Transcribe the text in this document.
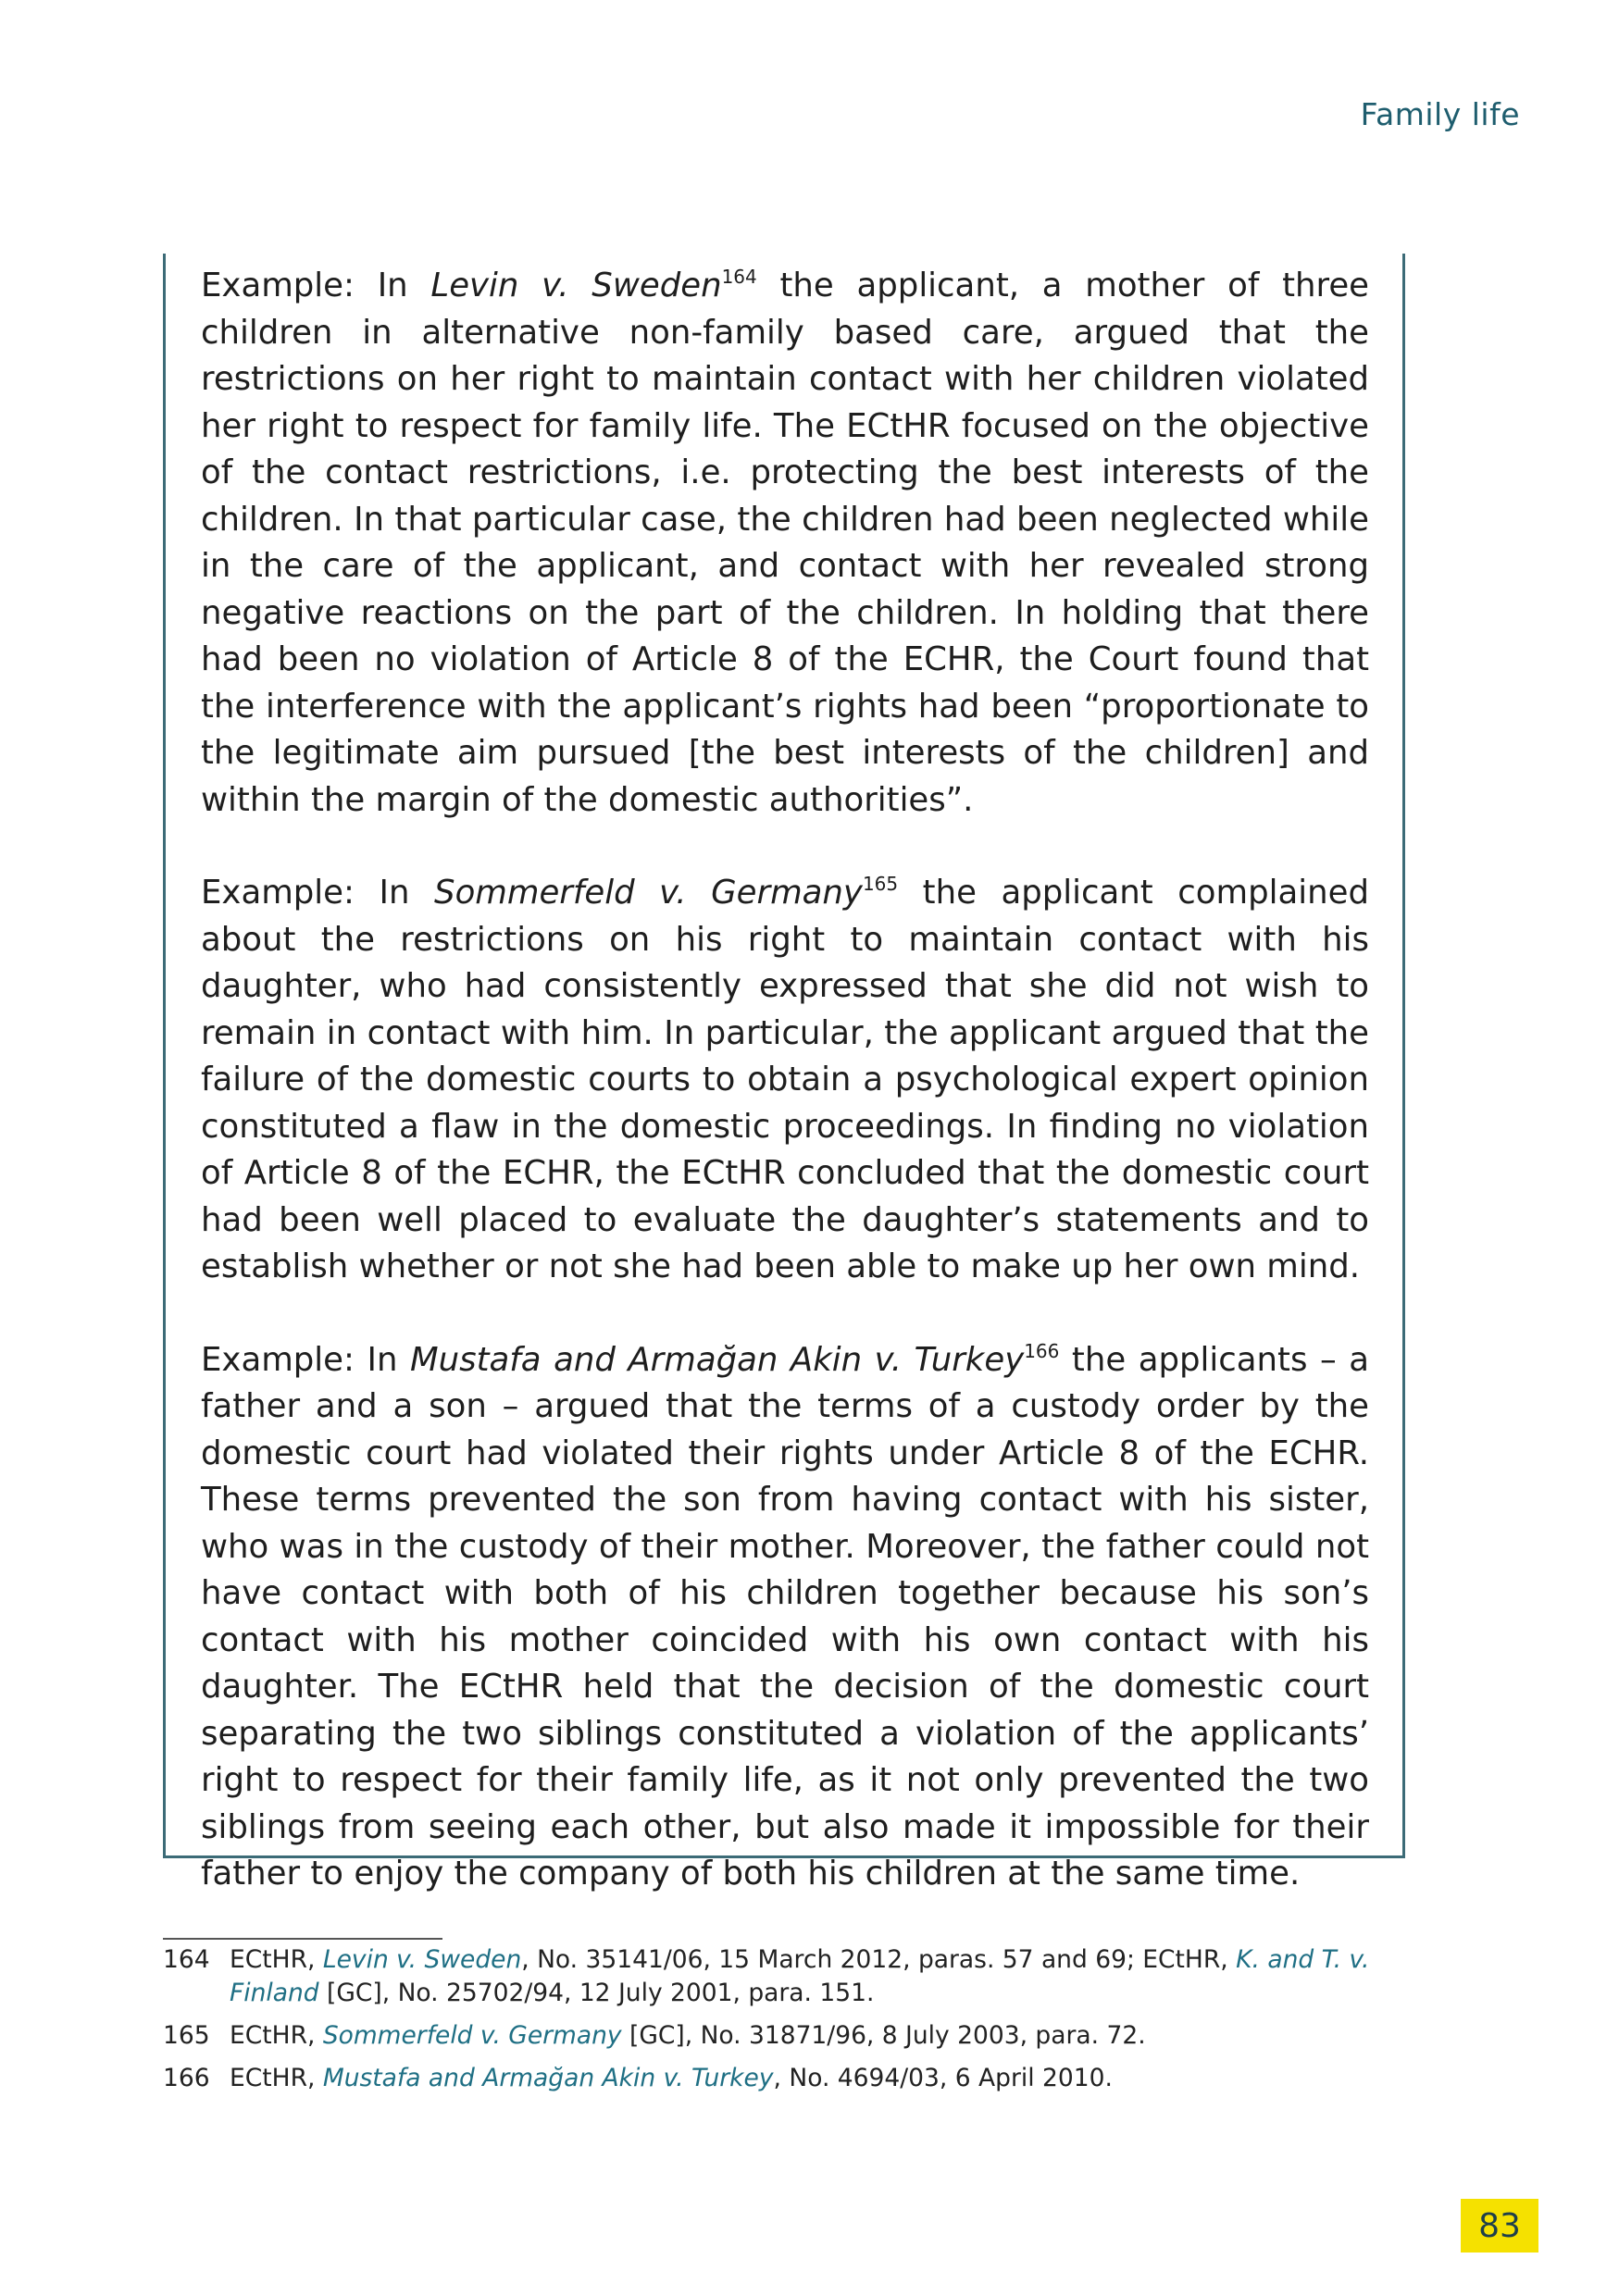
Family life

Example: In Levin v. Sweden$^{164}$ the applicant, a mother of three children in alternative non-family based care, argued that the restrictions on her right to maintain contact with her children violated her right to respect for family life. The ECtHR focused on the objective of the contact restrictions, i.e. protecting the best interests of the children. In that particular case, the children had been neglected while in the care of the applicant, and contact with her revealed strong negative reactions on the part of the children. In holding that there had been no violation of Article 8 of the ECHR, the Court found that the interference with the applicant’s rights had been “proportionate to the legitimate aim pursued [the best interests of the children] and within the margin of the domestic authorities”.

Example: In Sommerfeld v. Germany$^{165}$ the applicant complained about the restrictions on his right to maintain contact with his daughter, who had consistently expressed that she did not wish to remain in contact with him. In particular, the applicant argued that the failure of the domestic courts to obtain a psychological expert opinion constituted a flaw in the domestic proceedings. In finding no violation of Article 8 of the ECHR, the ECtHR concluded that the domestic court had been well placed to evaluate the daughter’s statements and to establish whether or not she had been able to make up her own mind.

Example: In Mustafa and Armağan Akin v. Turkey$^{166}$ the applicants – a father and a son – argued that the terms of a custody order by the domestic court had violated their rights under Article 8 of the ECHR. These terms prevented the son from having contact with his sister, who was in the custody of their mother. Moreover, the father could not have contact with both of his children together because his son’s contact with his mother coincided with his own contact with his daughter. The ECtHR held that the decision of the domestic court separating the two siblings constituted a violation of the applicants’ right to respect for their family life, as it not only prevented the two siblings from seeing each other, but also made it impossible for their father to enjoy the company of both his children at the same time.

164 ECtHR, Levin v. Sweden, No. 35141/06, 15 March 2012, paras. 57 and 69; ECtHR, K. and T. v. Finland [GC], No. 25702/94, 12 July 2001, para. 151.
165 ECtHR, Sommerfeld v. Germany [GC], No. 31871/96, 8 July 2003, para. 72.
166 ECtHR, Mustafa and Armağan Akin v. Turkey, No. 4694/03, 6 April 2010.
83
